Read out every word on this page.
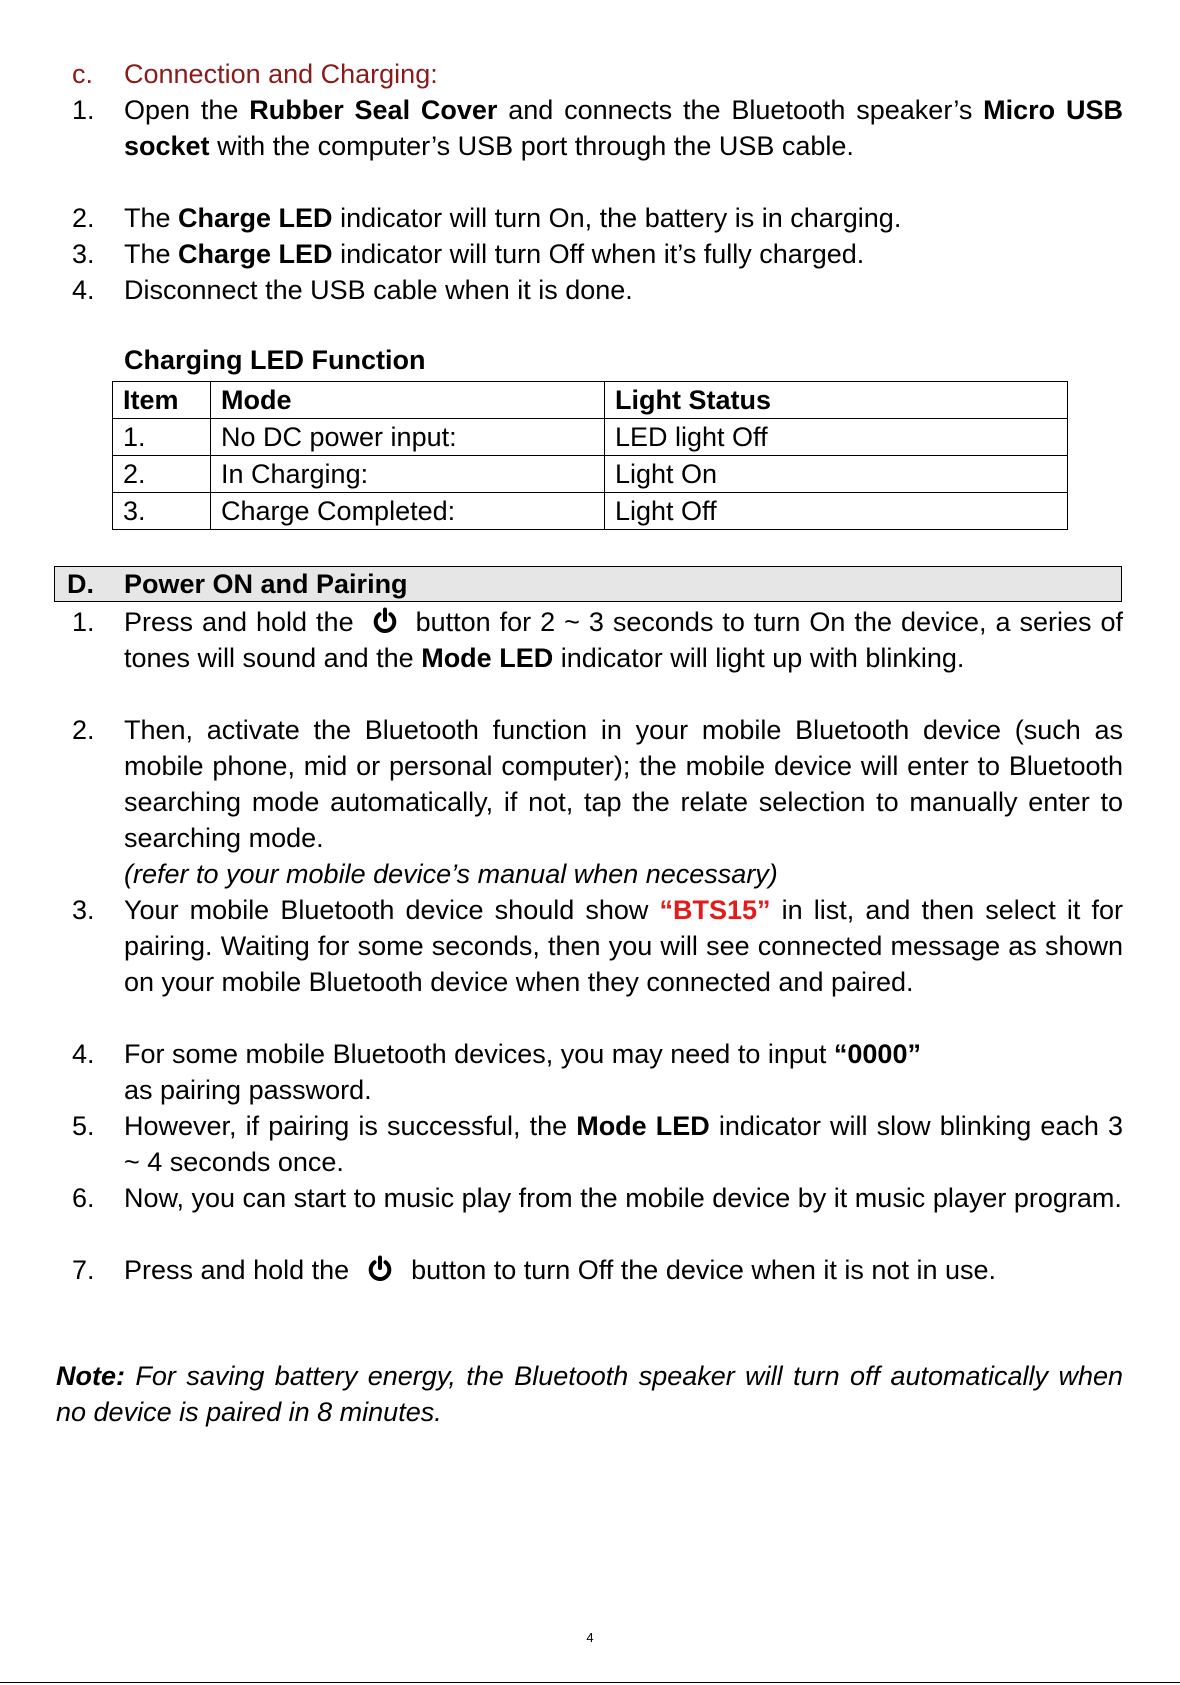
c. Connection and Charging:
1.	Open the Rubber Seal Cover and connects the Bluetooth speaker’s Micro USB socket with the computer’s USB port through the USB cable.
2.	The Charge LED indicator will turn On, the battery is in charging.
3.	The Charge LED indicator will turn Off when it’s fully charged.
4.	Disconnect the USB cable when it is done.
Charging LED Function
Item	Mode	Light Status
1.	No DC power input:	LED light Off
2.	In Charging:	Light On
3.	Charge Completed:	Light Off
D. Power ON and Pairing
1.	Press and hold the button for 2 ~ 3 seconds to turn On the device, a series of tones will sound and the Mode LED indicator will light up with blinking.
2.	Then, activate the Bluetooth function in your mobile Bluetooth device (such as mobile phone, mid or personal computer); the mobile device will enter to Bluetooth searching mode automatically, if not, tap the relate selection to manually enter to searching mode.
(refer to your mobile device’s manual when necessary)
3.	Your mobile Bluetooth device should show “BTS15” in list, and then select it for pairing. Waiting for some seconds, then you will see connected message as shown on your mobile Bluetooth device when they connected and paired.
4.	For some mobile Bluetooth devices, you may need to input “0000”
as pairing password.
5.	However, if pairing is successful, the Mode LED indicator will slow blinking each 3 ~ 4 seconds once.
6.	Now, you can start to music play from the mobile device by it music player program.
7.	Press and hold the button to turn Off the device when it is not in use.
Note: For saving battery energy, the Bluetooth speaker will turn off automatically when no device is paired in 8 minutes.
4
